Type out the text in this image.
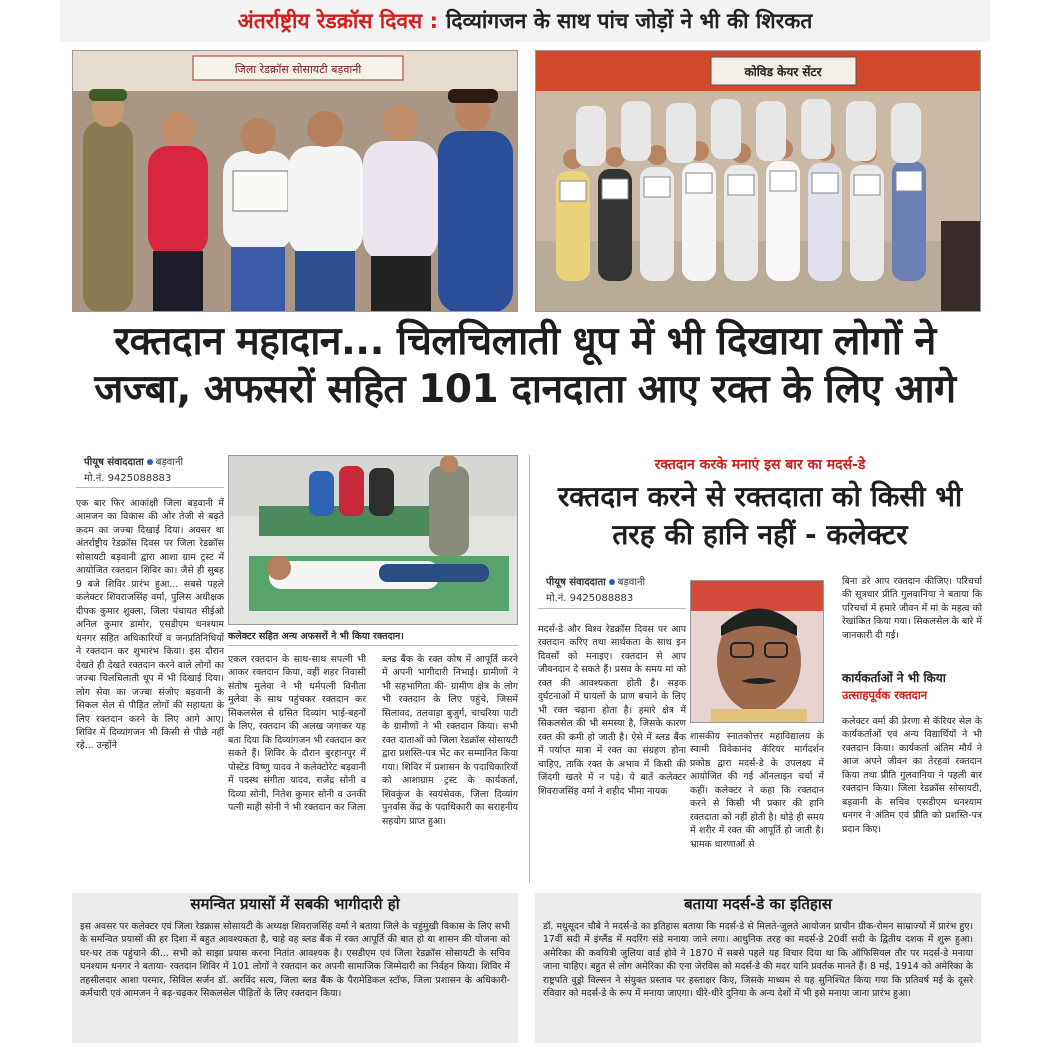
अंतर्राष्ट्रीय रेडक्रॉस दिवस : दिव्यांगजन के साथ पांच जोड़ों ने भी की शिरकत
जिला रेडक्रॉस सोसायटी बड़वानी	कोविड केयर सेंटर
रक्तदान महादान... चिलचिलाती धूप में भी दिखाया लोगों ने
जज्बा, अफसरों सहित 101 दानदाता आए रक्त के लिए आगे
पीयूष संवाददाता बड़वानी
मो.नं. 9425088883
एक बार फिर आकांक्षी जिला बड़वानी में आमजन का विकास की ओर तेजी से बढ़ते कदम का जज्बा दिखाई दिया। अवसर था अंतर्राष्ट्रीय रेडक्रॉस दिवस पर जिला रेडक्रॉस सोसायटी बड़वानी द्वारा आशा ग्राम ट्रस्ट में आयोजित रक्तदान शिविर का। जैसे ही सुबह 9 बजे शिविर प्रारंभ हुआ... सबसे पहले कलेक्टर शिवराजसिंह वर्मा, पुलिस अधीक्षक दीपक कुमार शुक्ला, जिला पंचायत सीईओ अनिल कुमार डामोर, एसडीएम धनश्याम धनगर सहित अधिकारियों व जनप्रतिनिधियों ने रक्तदान कर शुभारंभ किया। इस दौरान देखते ही देखते रक्तदान करने वाले लोगों का जज्बा चिलचिलाती धूप में भी दिखाई दिया। लोग सेवा का जज्बा संजोए बड़वानी के सिकल सेल से पीड़ित लोगों की सहायता के लिए रक्तदान करने के लिए आगे आए। शिविर में दिव्यांगजन भी किसी से पीछे नहीं रहे... उन्होंने
कलेक्टर सहित अन्य अफसरों ने भी किया रक्तदान।
एकल रक्तदान के साथ-साथ सपत्नी भी आकर रक्तदान किया, वहीं शहर निवासी संतोष मुलेवा ने भी धर्मपत्नी विनीता मुलेवा के साथ पहुंचकर रक्तदान कर सिकलसेल से ग्रसित दिव्यांग भाई-बहनों के लिए, रक्तदान की अलख जगाकर यह बता दिया कि दिव्यांगजन भी रक्तदान कर सकते हैं। शिविर के दौरान बुरहानपुर में पोस्टेड विष्णु यादव ने कलेक्टोरेट बड़वानी में पदस्थ संगीता यादव, राजेंद्र सोनी व दिव्या सोनी, नितेश कुमार सोनी व उनकी पत्नी माही सोनी ने भी रक्तदान कर जिला
ब्लड बैंक के रक्त कोष में आपूर्ति करने में अपनी भागीदारी निभाई। ग्रामीणों ने भी सहभागिता की- ग्रामीण क्षेत्र के लोग भी रक्तदान के लिए पहुंचे, जिसमें सिलावद, तलवाड़ा बुजुर्ग, चाचरिया पाटी के ग्रामीणों ने भी रक्तदान किया। सभी रक्त दाताओं को जिला रेडक्रॉस सोसायटी द्वारा प्रशस्ति-पत्र भेंट कर सम्मानित किया गया। शिविर में प्रशासन के पदाधिकारियों को आशाग्राम ट्रस्ट के कार्यकर्ता, शिवकुंज के स्वयंसेवक, जिला दिव्यांग पुनर्वास केंद्र के पदाधिकारी का सराहनीय सहयोग प्राप्त हुआ।
रक्तदान करके मनाएं इस बार का मदर्स-डे
रक्तदान करने से रक्तदाता को किसी भी तरह की हानि नहीं - कलेक्टर
पीयूष संवाददाता बड़वानी
मो.नं. 9425088883
मदर्स-डे और विश्व रेडक्रॉस दिवस पर आप रक्तदान करिए तथा सार्थकता के साथ इन दिवसों को मनाइए। रक्तदान से आप जीवनदान दे सकते हैं। प्रसव के समय मां को रक्त की आवश्यकता होती है। सड़क दुर्घटनाओं में घायलों के प्राण बचाने के लिए भी रक्त चढ़ाना होता है। हमारे क्षेत्र में सिकलसेल की भी समस्या है, जिसके कारण रक्त की कमी हो जाती है। ऐसे में ब्लड बैंक में पर्याप्त मात्रा में रक्त का संग्रहण होना चाहिए, ताकि रक्त के अभाव में किसी की जिंदगी खतरे में न पड़े। ये बातें कलेक्टर शिवराजसिंह वर्मा ने शहीद भीमा नायक
शासकीय स्नातकोत्तर महाविद्यालय के स्वामी विवेकानंद कॅरियर मार्गदर्शन प्रकोष्ठ द्वारा मदर्स-डे के उपलक्ष्य में आयोजित की गई ऑनलाइन चर्चा में कहीं। कलेक्टर ने कहा कि रक्तदान करने से किसी भी प्रकार की हानि रक्तदाता को नहीं होती है। थोड़े ही समय में शरीर में रक्त की आपूर्ति हो जाती है। भ्रामक धारणाओं से
बिना डरे आप रक्तदान कीजिए। परिचर्चा की सूत्रधार प्रीति गुलवानिया ने बताया कि परिचर्चा में हमारे जीवन में मां के महत्व को रेखांकित किया गया। सिकलसेल के बारे में जानकारी दी गई।
कार्यकर्ताओं ने भी किया
उत्साहपूर्वक रक्तदान
कलेक्टर वर्मा की प्रेरणा से कॅरियर सेल के कार्यकर्ताओं एवं अन्य विद्यार्थियों ने भी रक्तदान किया। कार्यकर्ता अंतिम मौर्य ने आज अपने जीवन का तेरहवां रक्तदान किया तथा प्रीति गुलवानिया ने पहली बार रक्तदान किया। जिला रेडक्रॉस सोसायटी, बड़वानी के सचिव एसडीएम धनश्याम धनगर ने अंतिम एवं प्रीति को प्रशस्ति-पत्र प्रदान किए।
समन्वित प्रयासों में सबकी भागीदारी हो
इस अवसर पर कलेक्टर एवं जिला रेडक्रास सोसायटी के अध्यक्ष शिवराजसिंह वर्मा ने बताया जिले के चहुंमुखी विकास के लिए सभी के समन्वित प्रयासों की हर दिशा में बहुत आवश्यकता है, चाहे वह ब्लड बैंक में रक्त आपूर्ति की बात हो या शासन की योजना को घर-घर तक पहुंचाने की... सभी को साझा प्रयास करना नितांत आवश्यक है। एसडीएम एवं जिला रेडक्रॉस सोसायटी के सचिव घनश्याम धनगर ने बताया- रक्तदान शिविर में 101 लोगों ने रक्तदान कर अपनी सामाजिक जिम्मेदारी का निर्वहन किया। शिविर में तहसीलदार आशा परमार, सिविल सर्जन डॉ. अरविंद सत्य, जिला ब्लड बैंक के पैरामेडिकल स्टॉफ, जिला प्रशासन के अधिकारी-कर्मचारी एवं आमजन ने बढ़-चढ़कर सिकलसेल पीड़ितों के लिए रक्तदान किया।
बताया मदर्स-डे का इतिहास
डॉ. मधुसूदन चौबे ने मदर्स-डे का इतिहास बताया कि मदर्स-डे से मिलते-जुलते आयोजन प्राचीन ग्रीक-रोमन साम्राज्यों में प्रारंभ हुए। 17वीं सदी में इंग्लैंड में मदरिंग संडे मनाया जाने लगा। आधुनिक तरह का मदर्स-डे 20वीं सदी के द्वितीय दशक में शुरू हुआ। अमेरिका की कवयित्री जुलिया वार्ड होवे ने 1870 में सबसे पहले यह विचार दिया था कि ऑफिसियल तौर पर मदर्स-डे मनाया जाना चाहिए। बहुत से लोग अमेरिका की एना जेरविस को मदर्स-डे की मदर यानि प्रवर्तक मानते हैं। 8 मई, 1914 को अमेरिका के राष्ट्रपति वुड्रो विल्सन ने संयुक्त प्रस्ताव पर हस्ताक्षर किए, जिसके माध्यम से यह सुनिश्चित किया गया कि प्रतिवर्ष मई के दूसरे रविवार को मदर्स-डे के रूप में मनाया जाएगा। धीरे-धीरे दुनिया के अन्य देशों में भी इसे मनाया जाना प्रारंभ हुआ।
